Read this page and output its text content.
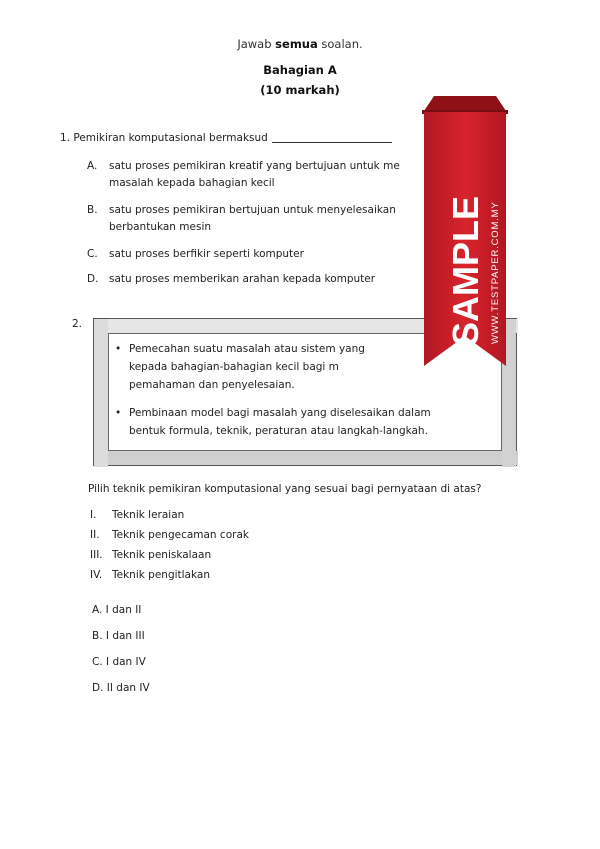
Jawab semua soalan.
Bahagian A
(10 markah)
1. Pemikiran komputasional bermaksud
A. satu proses pemikiran kreatif yang bertujuan untuk me
masalah kepada bahagian kecil
B. satu proses pemikiran bertujuan untuk menyelesaikan
berbantukan mesin
C. satu proses berfikir seperti komputer
D. satu proses memberikan arahan kepada komputer
2.
• Pemecahan suatu masalah atau sistem yang
kepada bahagian-bahagian kecil bagi m
pemahaman dan penyelesaian.
• Pembinaan model bagi masalah yang diselesaikan dalam
bentuk formula, teknik, peraturan atau langkah-langkah.
Pilih teknik pemikiran komputasional yang sesuai bagi pernyataan di atas?
I. Teknik leraian
II. Teknik pengecaman corak
III. Teknik peniskalaan
IV. Teknik pengitlakan
A. I dan II
B. I dan III
C. I dan IV
D. II dan IV
SAMPLE WWW.TESTPAPER.COM.MY
